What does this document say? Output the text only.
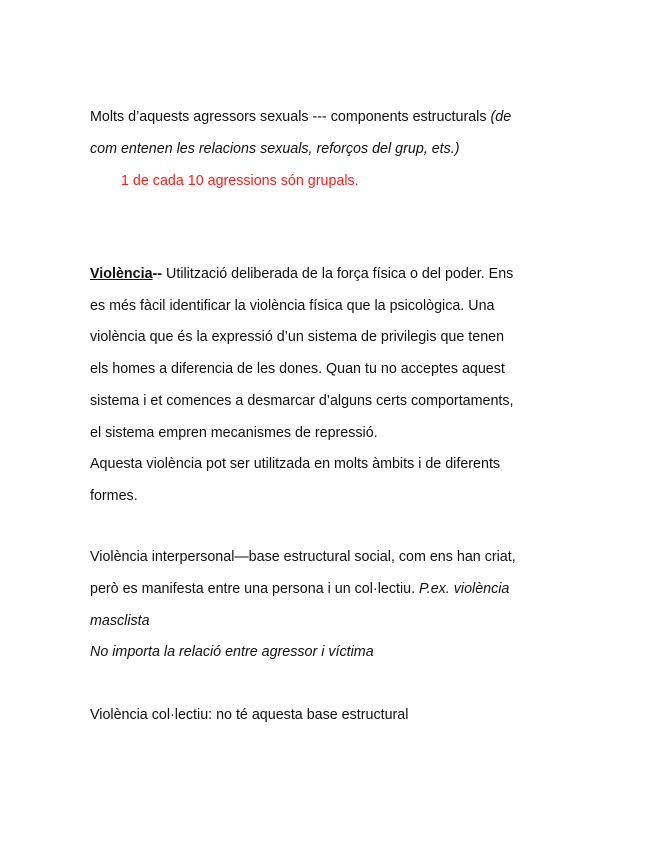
Molts d’aquests agressors sexuals --- components estructurals (de
com entenen les relacions sexuals, reforços del grup, ets.)
1 de cada 10 agressions són grupals.
Violència-- Utilització deliberada de la força física o del poder. Ens
es més fàcil identificar la violència física que la psicològica. Una
violència que és la expressió d’un sistema de privilegis que tenen
els homes a diferencia de les dones. Quan tu no acceptes aquest
sistema i et comences a desmarcar d’alguns certs comportaments,
el sistema empren mecanismes de repressió.
Aquesta violència pot ser utilitzada en molts àmbits i de diferents
formes.
Violència interpersonal—base estructural social, com ens han criat,
però es manifesta entre una persona i un col·lectiu. P.ex. violència
masclista
No importa la relació entre agressor i víctima
Violència col·lectiu: no té aquesta base estructural
